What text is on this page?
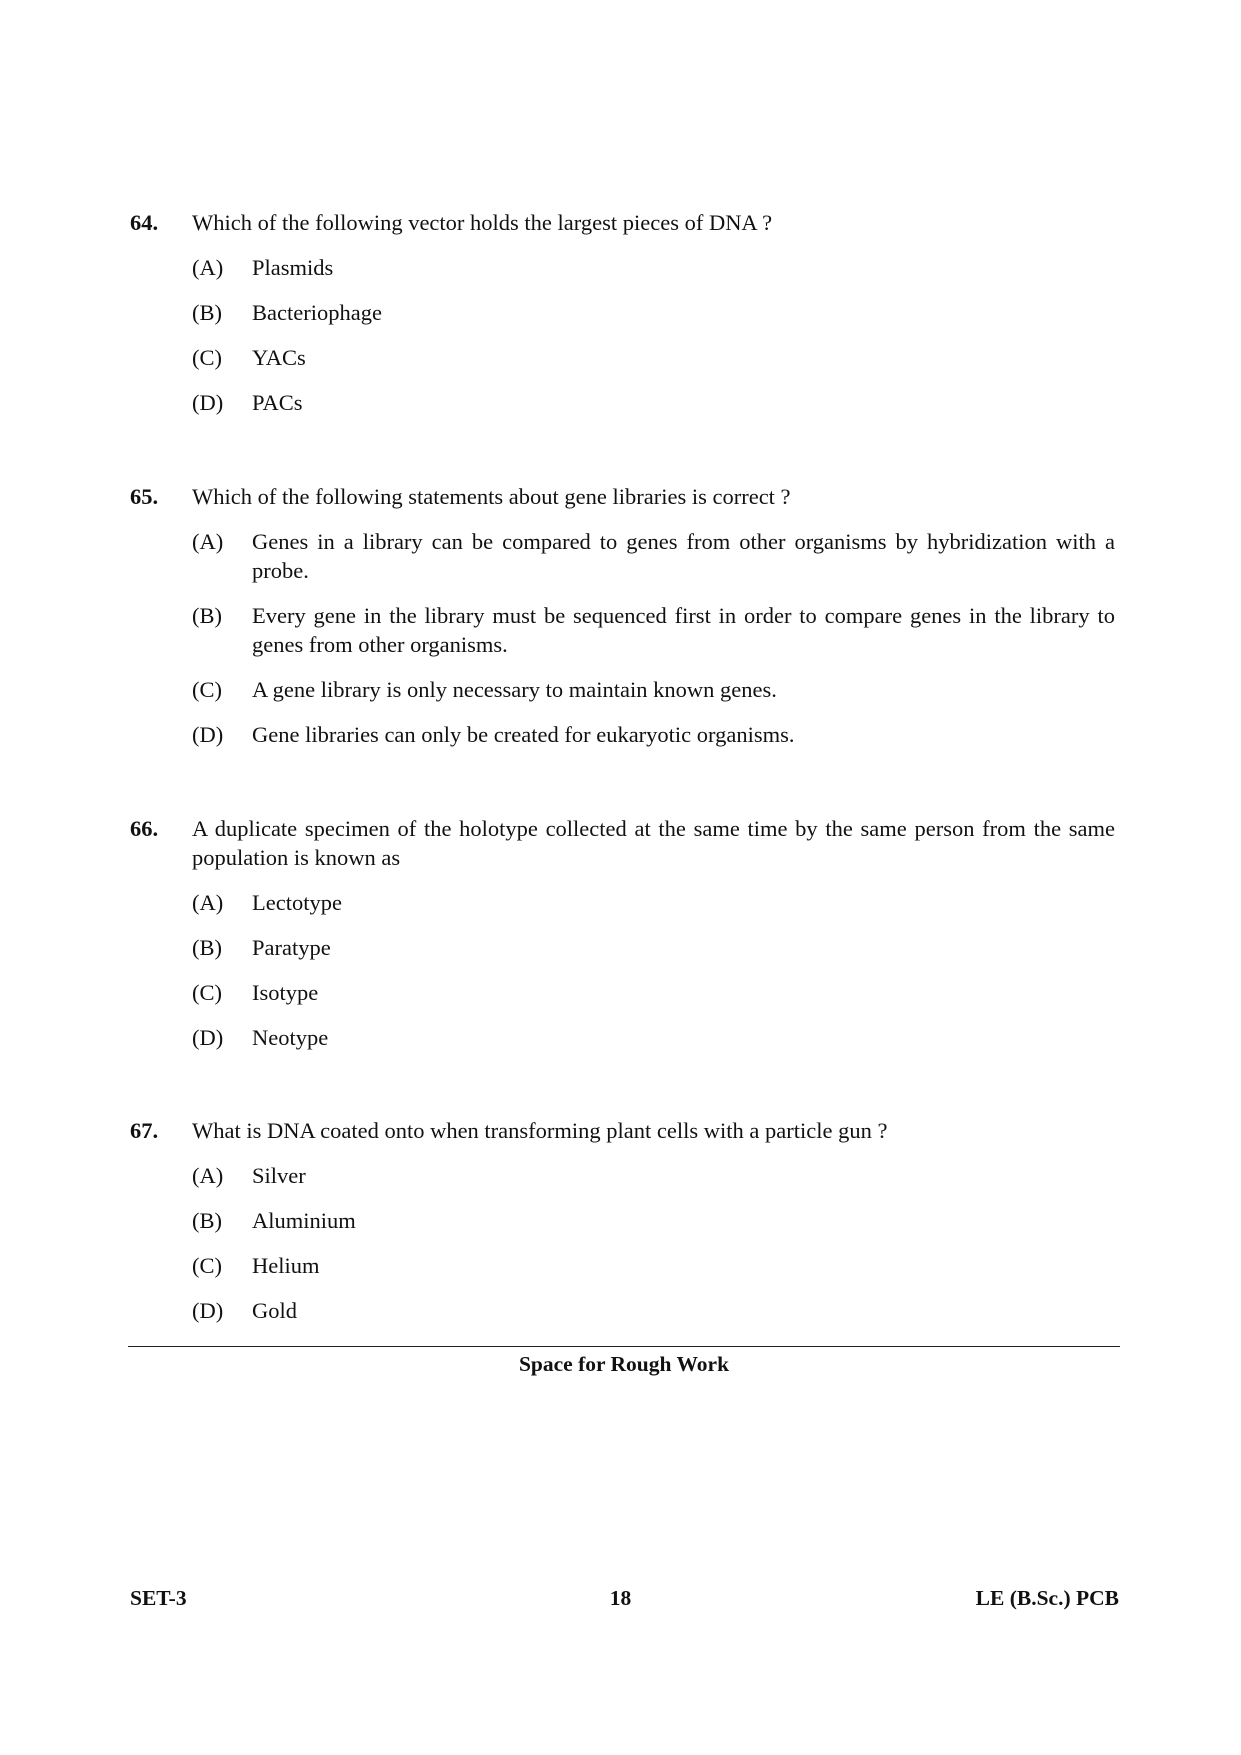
64.	Which of the following vector holds the largest pieces of DNA ?
(A)	Plasmids
(B)	Bacteriophage
(C)	YACs
(D)	PACs
65.	Which of the following statements about gene libraries is correct ?
(A)	Genes in a library can be compared to genes from other organisms by hybridization with a probe.
(B)	Every gene in the library must be sequenced first in order to compare genes in the library to genes from other organisms.
(C)	A gene library is only necessary to maintain known genes.
(D)	Gene libraries can only be created for eukaryotic organisms.
66.	A duplicate specimen of the holotype collected at the same time by the same person from the same population is known as
(A)	Lectotype
(B)	Paratype
(C)	Isotype
(D)	Neotype
67.	What is DNA coated onto when transforming plant cells with a particle gun ?
(A)	Silver
(B)	Aluminium
(C)	Helium
(D)	Gold
Space for Rough Work
SET-3	18	LE (B.Sc.) PCB
